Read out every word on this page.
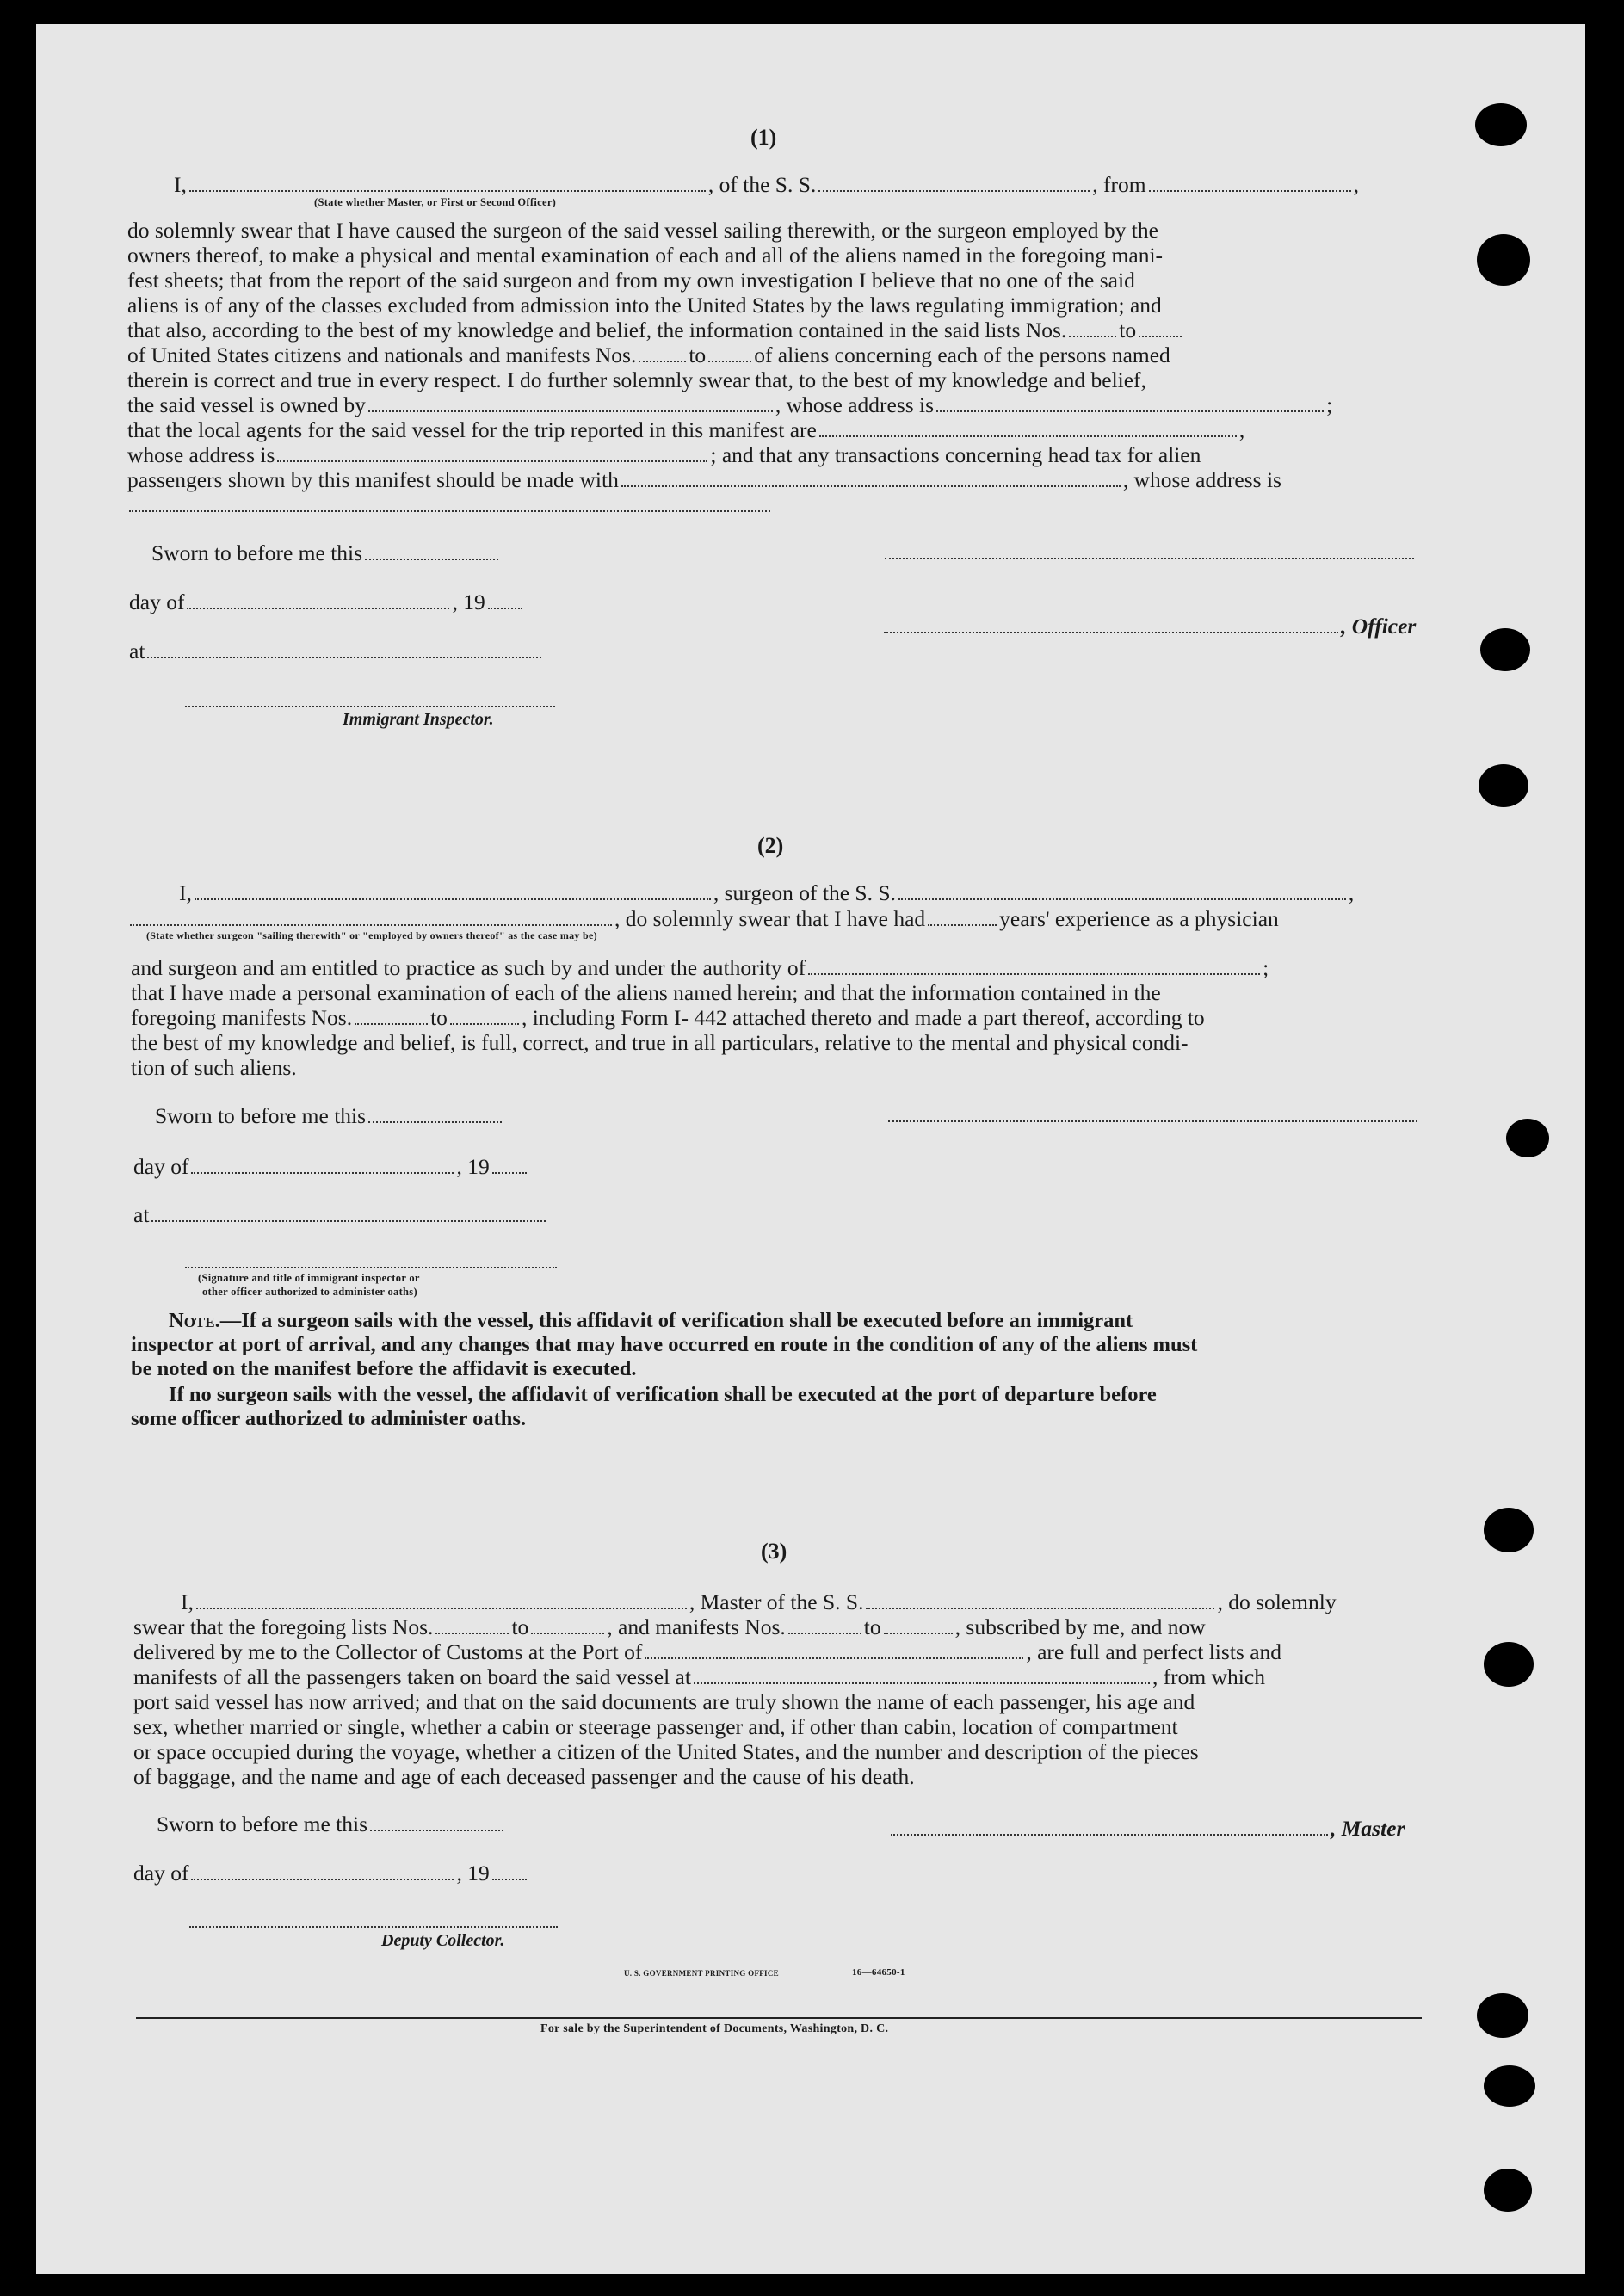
(1)
I,	, of the S. S.	, from	,
(State whether Master, or First or Second Officer)
do solemnly swear that I have caused the surgeon of the said vessel sailing therewith, or the surgeon employed by the
owners thereof, to make a physical and mental examination of each and all of the aliens named in the foregoing mani-
fest sheets; that from the report of the said surgeon and from my own investigation I believe that no one of the said
aliens is of any of the classes excluded from admission into the United States by the laws regulating immigration; and
that also, according to the best of my knowledge and belief, the information contained in the said lists Nos. to
of United States citizens and nationals and manifests Nos. to of aliens concerning each of the persons named
therein is correct and true in every respect. I do further solemnly swear that, to the best of my knowledge and belief,
the said vessel is owned by	, whose address is	;
that the local agents for the said vessel for the trip reported in this manifest are	,
whose address is	; and that any transactions concerning head tax for alien
passengers shown by this manifest should be made with	, whose address is
Sworn to before me this
day of	, 19
, Officer
at
Immigrant Inspector.
(2)
I,	, surgeon of the S. S.	,
, do solemnly swear that I have had	years' experience as a physician
(State whether surgeon "sailing therewith" or "employed by owners thereof" as the case may be)
and surgeon and am entitled to practice as such by and under the authority of	;
that I have made a personal examination of each of the aliens named herein; and that the information contained in the
foregoing manifests Nos.	to	, including Form I- 442 attached thereto and made a part thereof, according to
the best of my knowledge and belief, is full, correct, and true in all particulars, relative to the mental and physical condi-
tion of such aliens.
Sworn to before me this
day of	, 19
at
(Signature and title of immigrant inspector or
other officer authorized to administer oaths)
Note.—If a surgeon sails with the vessel, this affidavit of verification shall be executed before an immigrant
inspector at port of arrival, and any changes that may have occurred en route in the condition of any of the aliens must
be noted on the manifest before the affidavit is executed.
If no surgeon sails with the vessel, the affidavit of verification shall be executed at the port of departure before
some officer authorized to administer oaths.
(3)
I,	, Master of the S. S.	, do solemnly
swear that the foregoing lists Nos.	to	, and manifests Nos.	to	, subscribed by me, and now
delivered by me to the Collector of Customs at the Port of	, are full and perfect lists and
manifests of all the passengers taken on board the said vessel at	, from which
port said vessel has now arrived; and that on the said documents are truly shown the name of each passenger, his age and
sex, whether married or single, whether a cabin or steerage passenger and, if other than cabin, location of compartment
or space occupied during the voyage, whether a citizen of the United States, and the number and description of the pieces
of baggage, and the name and age of each deceased passenger and the cause of his death.
Sworn to before me this	, Master
day of	, 19
Deputy Collector.
U. S. GOVERNMENT PRINTING OFFICE	16—64650-1
For sale by the Superintendent of Documents, Washington, D. C.
